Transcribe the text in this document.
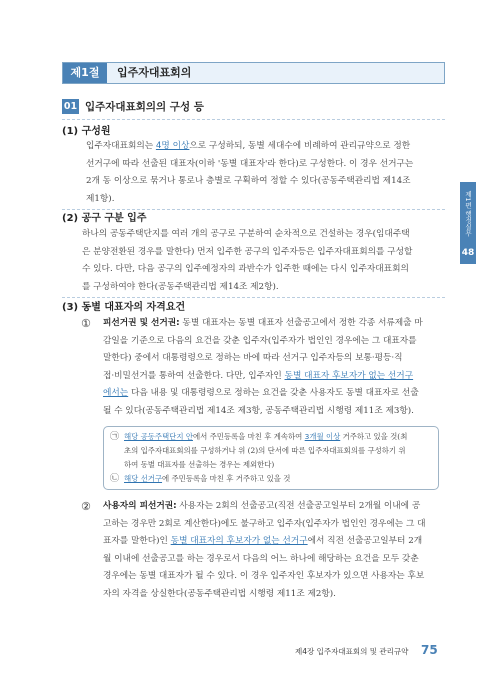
제1절	입주자대표회의
01 입주자대표회의의 구성 등
(1) 구성원
입주자대표회의는 4명 이상으로 구성하되, 동별 세대수에 비례하여 관리규약으로 정한
선거구에 따라 선출된 대표자(이하 '동별 대표자'라 한다)로 구성한다. 이 경우 선거구는
2개 동 이상으로 묶거나 통로나 층별로 구획하여 정할 수 있다(공동주택관리법 제14조
제1항).
(2) 공구 구분 입주
하나의 공동주택단지를 여러 개의 공구로 구분하여 순차적으로 건설하는 경우(임대주택
은 분양전환된 경우를 말한다) 먼저 입주한 공구의 입주자등은 입주자대표회의를 구성할
수 있다. 다만, 다음 공구의 입주예정자의 과반수가 입주한 때에는 다시 입주자대표회의
를 구성하여야 한다(공동주택관리법 제14조 제2항).
(3) 동별 대표자의 자격요건
① 피선거권 및 선거권: 동별 대표자는 동별 대표자 선출공고에서 정한 각종 서류제출 마
감일을 기준으로 다음의 요건을 갖춘 입주자(입주자가 법인인 경우에는 그 대표자를
말한다) 중에서 대통령령으로 정하는 바에 따라 선거구 입주자등의 보통·평등·직
접·비밀선거를 통하여 선출한다. 다만, 입주자인 동별 대표자 후보자가 없는 선거구
에서는 다음 내용 및 대통령령으로 정하는 요건을 갖춘 사용자도 동별 대표자로 선출
될 수 있다(공동주택관리법 제14조 제3항, 공동주택관리법 시행령 제11조 제3항).
㉠ 해당 공동주택단지 안에서 주민등록을 마친 후 계속하여 3개월 이상 거주하고 있을 것(최
초의 입주자대표회의를 구성하거나 위 (2)의 단서에 따른 입주자대표회의를 구성하기 위
하여 동별 대표자를 선출하는 경우는 제외한다)
㉡ 해당 선거구에 주민등록을 마친 후 거주하고 있을 것
② 사용자의 피선거권: 사용자는 2회의 선출공고(직전 선출공고일부터 2개월 이내에 공
고하는 경우만 2회로 계산한다)에도 불구하고 입주자(입주자가 법인인 경우에는 그 대
표자를 말한다)인 동별 대표자의 후보자가 없는 선거구에서 직전 선출공고일부터 2개
월 이내에 선출공고를 하는 경우로서 다음의 어느 하나에 해당하는 요건을 모두 갖춘
경우에는 동별 대표자가 될 수 있다. 이 경우 입주자인 후보자가 있으면 사용자는 후보
자의 자격을 상실한다(공동주택관리법 시행령 제11조 제2항).
제1편 행정실무
48
제4장 입주자대표회의 및 관리규약 75
